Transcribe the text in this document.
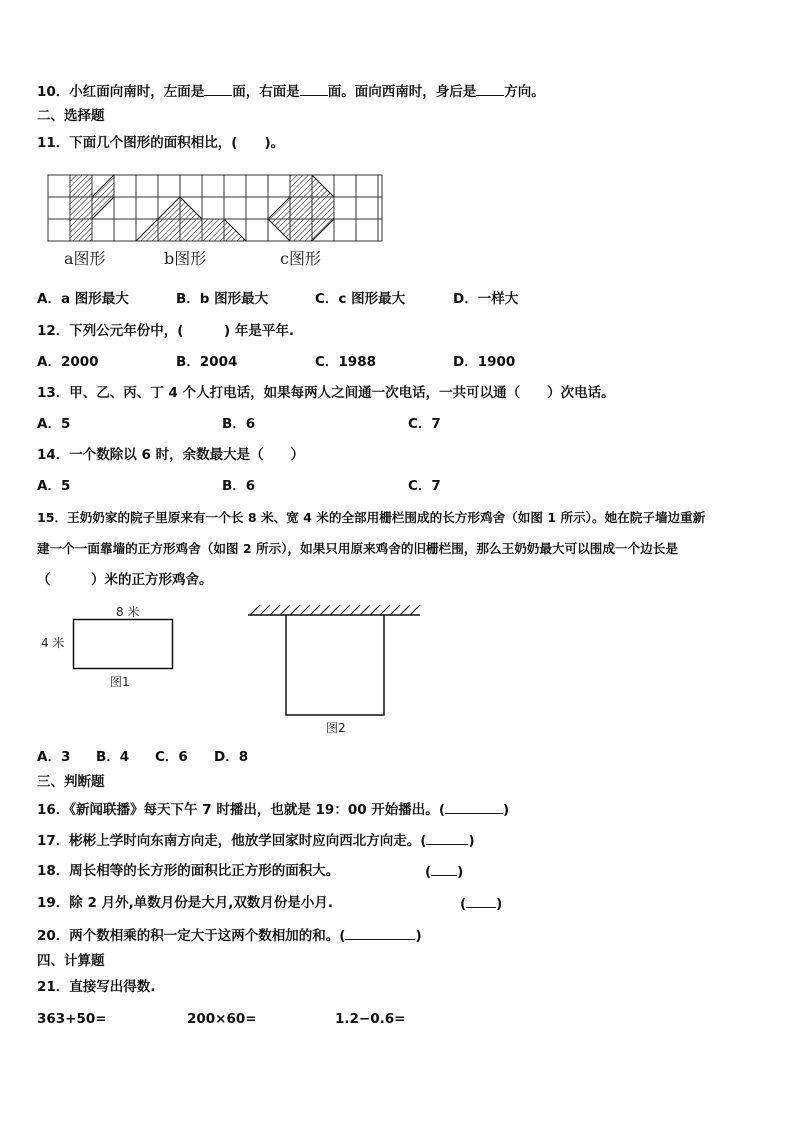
10．小红面向南时，左面是 面，右面是 面。面向西南时，身后是 方向。
二、选择题
11．下面几个图形的面积相比，(　　)。
a图形	b图形	c图形
A．a 图形最大	B．b 图形最大	C．c 图形最大	D．一样大
12．下列公元年份中，(　　　) 年是平年.
A．2000	B．2004	C．1988	D．1900
13．甲、乙、丙、丁 4 个人打电话，如果每两人之间通一次电话，一共可以通（　　）次电话。
A．5	B．6	C．7
14．一个数除以 6 时，余数最大是（　　）
A．5	B．6	C．7
15．王奶奶家的院子里原来有一个长 8 米、宽 4 米的全部用栅栏围成的长方形鸡舍（如图 1 所示）。她在院子墙边重新
建一个一面靠墙的正方形鸡舍（如图 2 所示），如果只用原来鸡舍的旧栅栏围，那么王奶奶最大可以围成一个边长是
（　　　）米的正方形鸡舍。
8 米
4 米
图1
图2
A．3 B．4 C．6 D．8
三、判断题
16．《新闻联播》每天下午 7 时播出，也就是 19：00 开始播出。(	)
17．彬彬上学时向东南方向走，他放学回家时应向西北方向走。(	)
18．周长相等的长方形的面积比正方形的面积大。	( )
19．除 2 月外,单数月份是大月,双数月份是小月.	( )
20．两个数相乘的积一定大于这两个数相加的和。(	)
四、计算题
21．直接写出得数.
363+50=	200×60=	1.2−0.6=
